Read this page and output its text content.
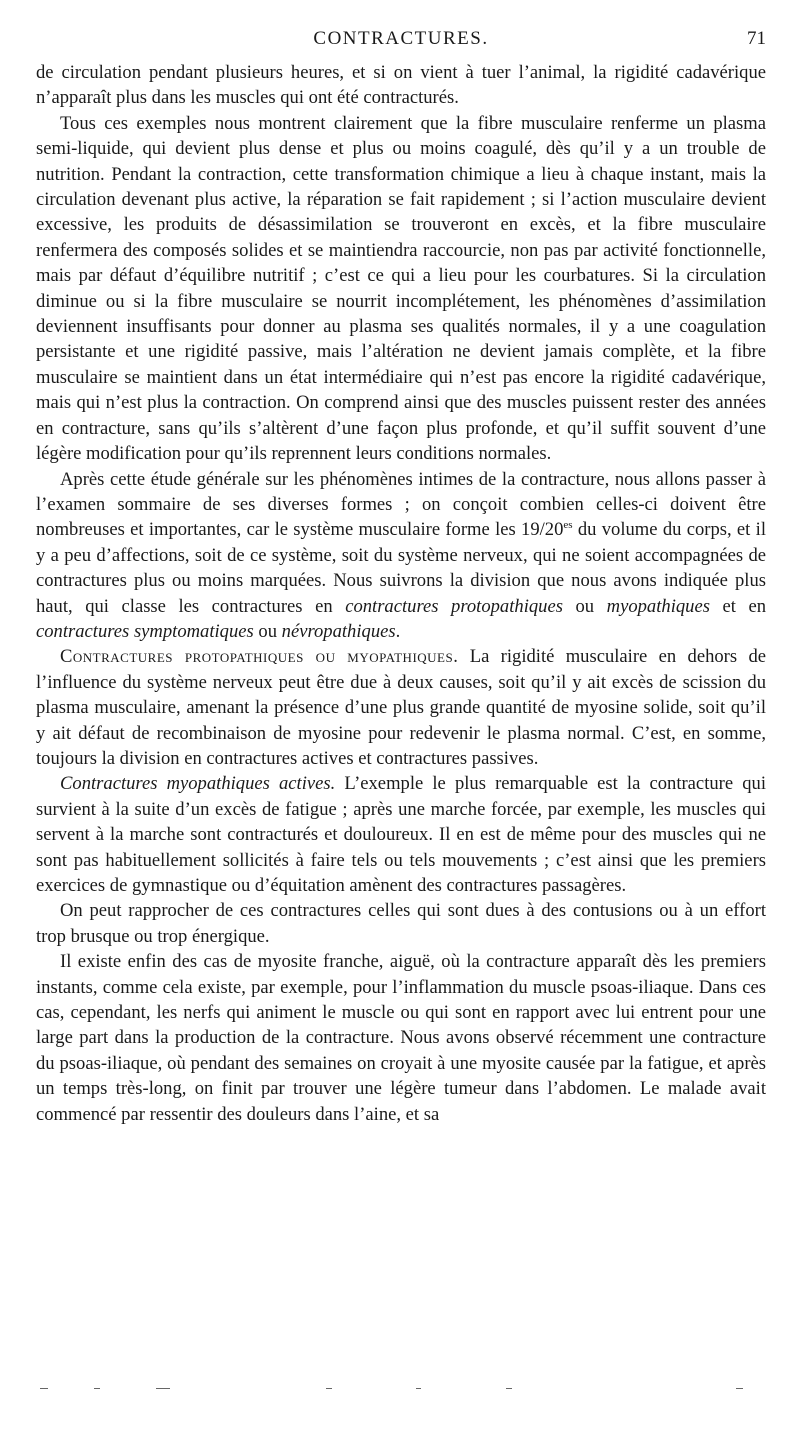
CONTRACTURES.	71

de circulation pendant plusieurs heures, et si on vient à tuer l’animal, la rigidité cadavérique n’apparaît plus dans les muscles qui ont été contracturés.

Tous ces exemples nous montrent clairement que la fibre musculaire renferme un plasma semi-liquide, qui devient plus dense et plus ou moins coagulé, dès qu’il y a un trouble de nutrition. Pendant la contraction, cette transformation chimique a lieu à chaque instant, mais la circulation devenant plus active, la réparation se fait rapidement ; si l’action musculaire devient excessive, les produits de désassimilation se trouveront en excès, et la fibre musculaire renfermera des composés solides et se maintiendra raccourcie, non pas par activité fonctionnelle, mais par défaut d’équilibre nutritif ; c’est ce qui a lieu pour les courbatures. Si la circulation diminue ou si la fibre musculaire se nourrit incomplétement, les phénomènes d’assimilation deviennent insuffisants pour donner au plasma ses qualités normales, il y a une coagulation persistante et une rigidité passive, mais l’altération ne devient jamais complète, et la fibre musculaire se maintient dans un état intermédiaire qui n’est pas encore la rigidité cadavérique, mais qui n’est plus la contraction. On comprend ainsi que des muscles puissent rester des années en contracture, sans qu’ils s’altèrent d’une façon plus profonde, et qu’il suffit souvent d’une légère modification pour qu’ils reprennent leurs conditions normales.

Après cette étude générale sur les phénomènes intimes de la contracture, nous allons passer à l’examen sommaire de ses diverses formes ; on conçoit combien celles-ci doivent être nombreuses et importantes, car le système musculaire forme les $19/20^{es}$ du volume du corps, et il y a peu d’affections, soit de ce système, soit du système nerveux, qui ne soient accompagnées de contractures plus ou moins marquées. Nous suivrons la division que nous avons indiquée plus haut, qui classe les contractures en contractures protopathiques ou myopathiques et en contractures symptomatiques ou névropathiques.

Contractures protopathiques ou myopathiques. La rigidité musculaire en dehors de l’influence du système nerveux peut être due à deux causes, soit qu’il y ait excès de scission du plasma musculaire, amenant la présence d’une plus grande quantité de myosine solide, soit qu’il y ait défaut de recombinaison de myosine pour redevenir le plasma normal. C’est, en somme, toujours la division en contractures actives et contractures passives.

Contractures myopathiques actives. L’exemple le plus remarquable est la contracture qui survient à la suite d’un excès de fatigue ; après une marche forcée, par exemple, les muscles qui servent à la marche sont contracturés et douloureux. Il en est de même pour des muscles qui ne sont pas habituellement sollicités à faire tels ou tels mouvements ; c’est ainsi que les premiers exercices de gymnastique ou d’équitation amènent des contractures passagères.

On peut rapprocher de ces contractures celles qui sont dues à des contusions ou à un effort trop brusque ou trop énergique.

Il existe enfin des cas de myosite franche, aiguë, où la contracture apparaît dès les premiers instants, comme cela existe, par exemple, pour l’inflammation du muscle psoas-iliaque. Dans ces cas, cependant, les nerfs qui animent le muscle ou qui sont en rapport avec lui entrent pour une large part dans la production de la contracture. Nous avons observé récemment une contracture du psoas-iliaque, où pendant des semaines on croyait à une myosite causée par la fatigue, et après un temps très-long, on finit par trouver une légère tumeur dans l’abdomen. Le malade avait commencé par ressentir des douleurs dans l’aine, et sa
